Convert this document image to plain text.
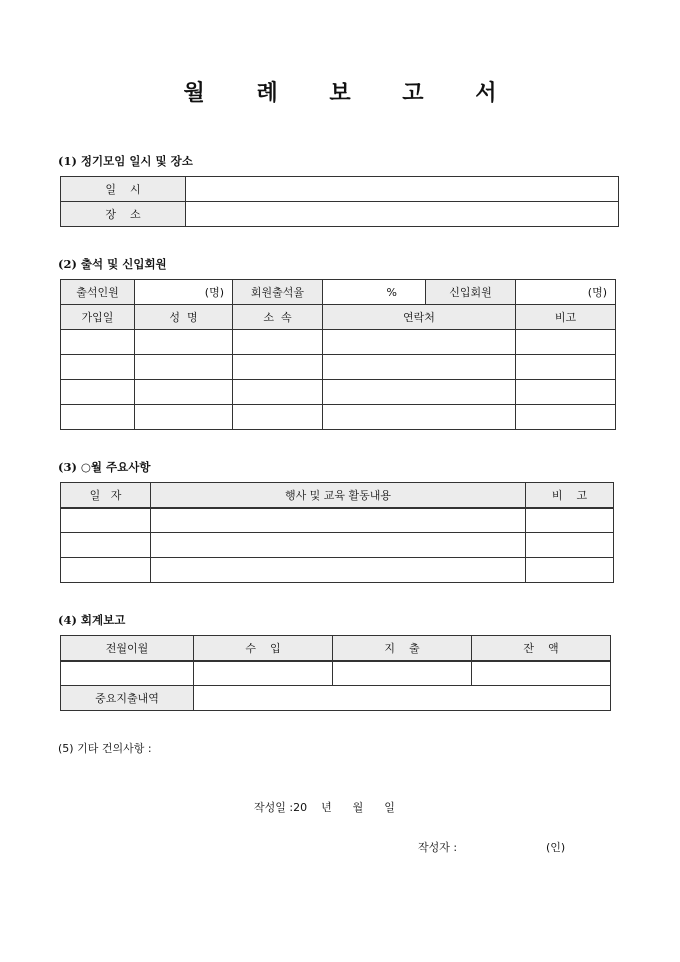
월 례 보 고 서
(1) 정기모임 일시 및 장소
일    시	
장    소	
(2) 출석 및 신입회원
출석인원	(명)	회원출석율	%	신입회원	(명)
가입일	성  명	소  속	연락처	비고

(3) ○월 주요사항
일   자	행사 및 교육 활동내용	비    고

(4) 회계보고
전월이월	수    입	지    출	잔    액

중요지출내역			
(5) 기타 건의사항 :
작성일 :20    년      월      일
작성자 :	(인)
